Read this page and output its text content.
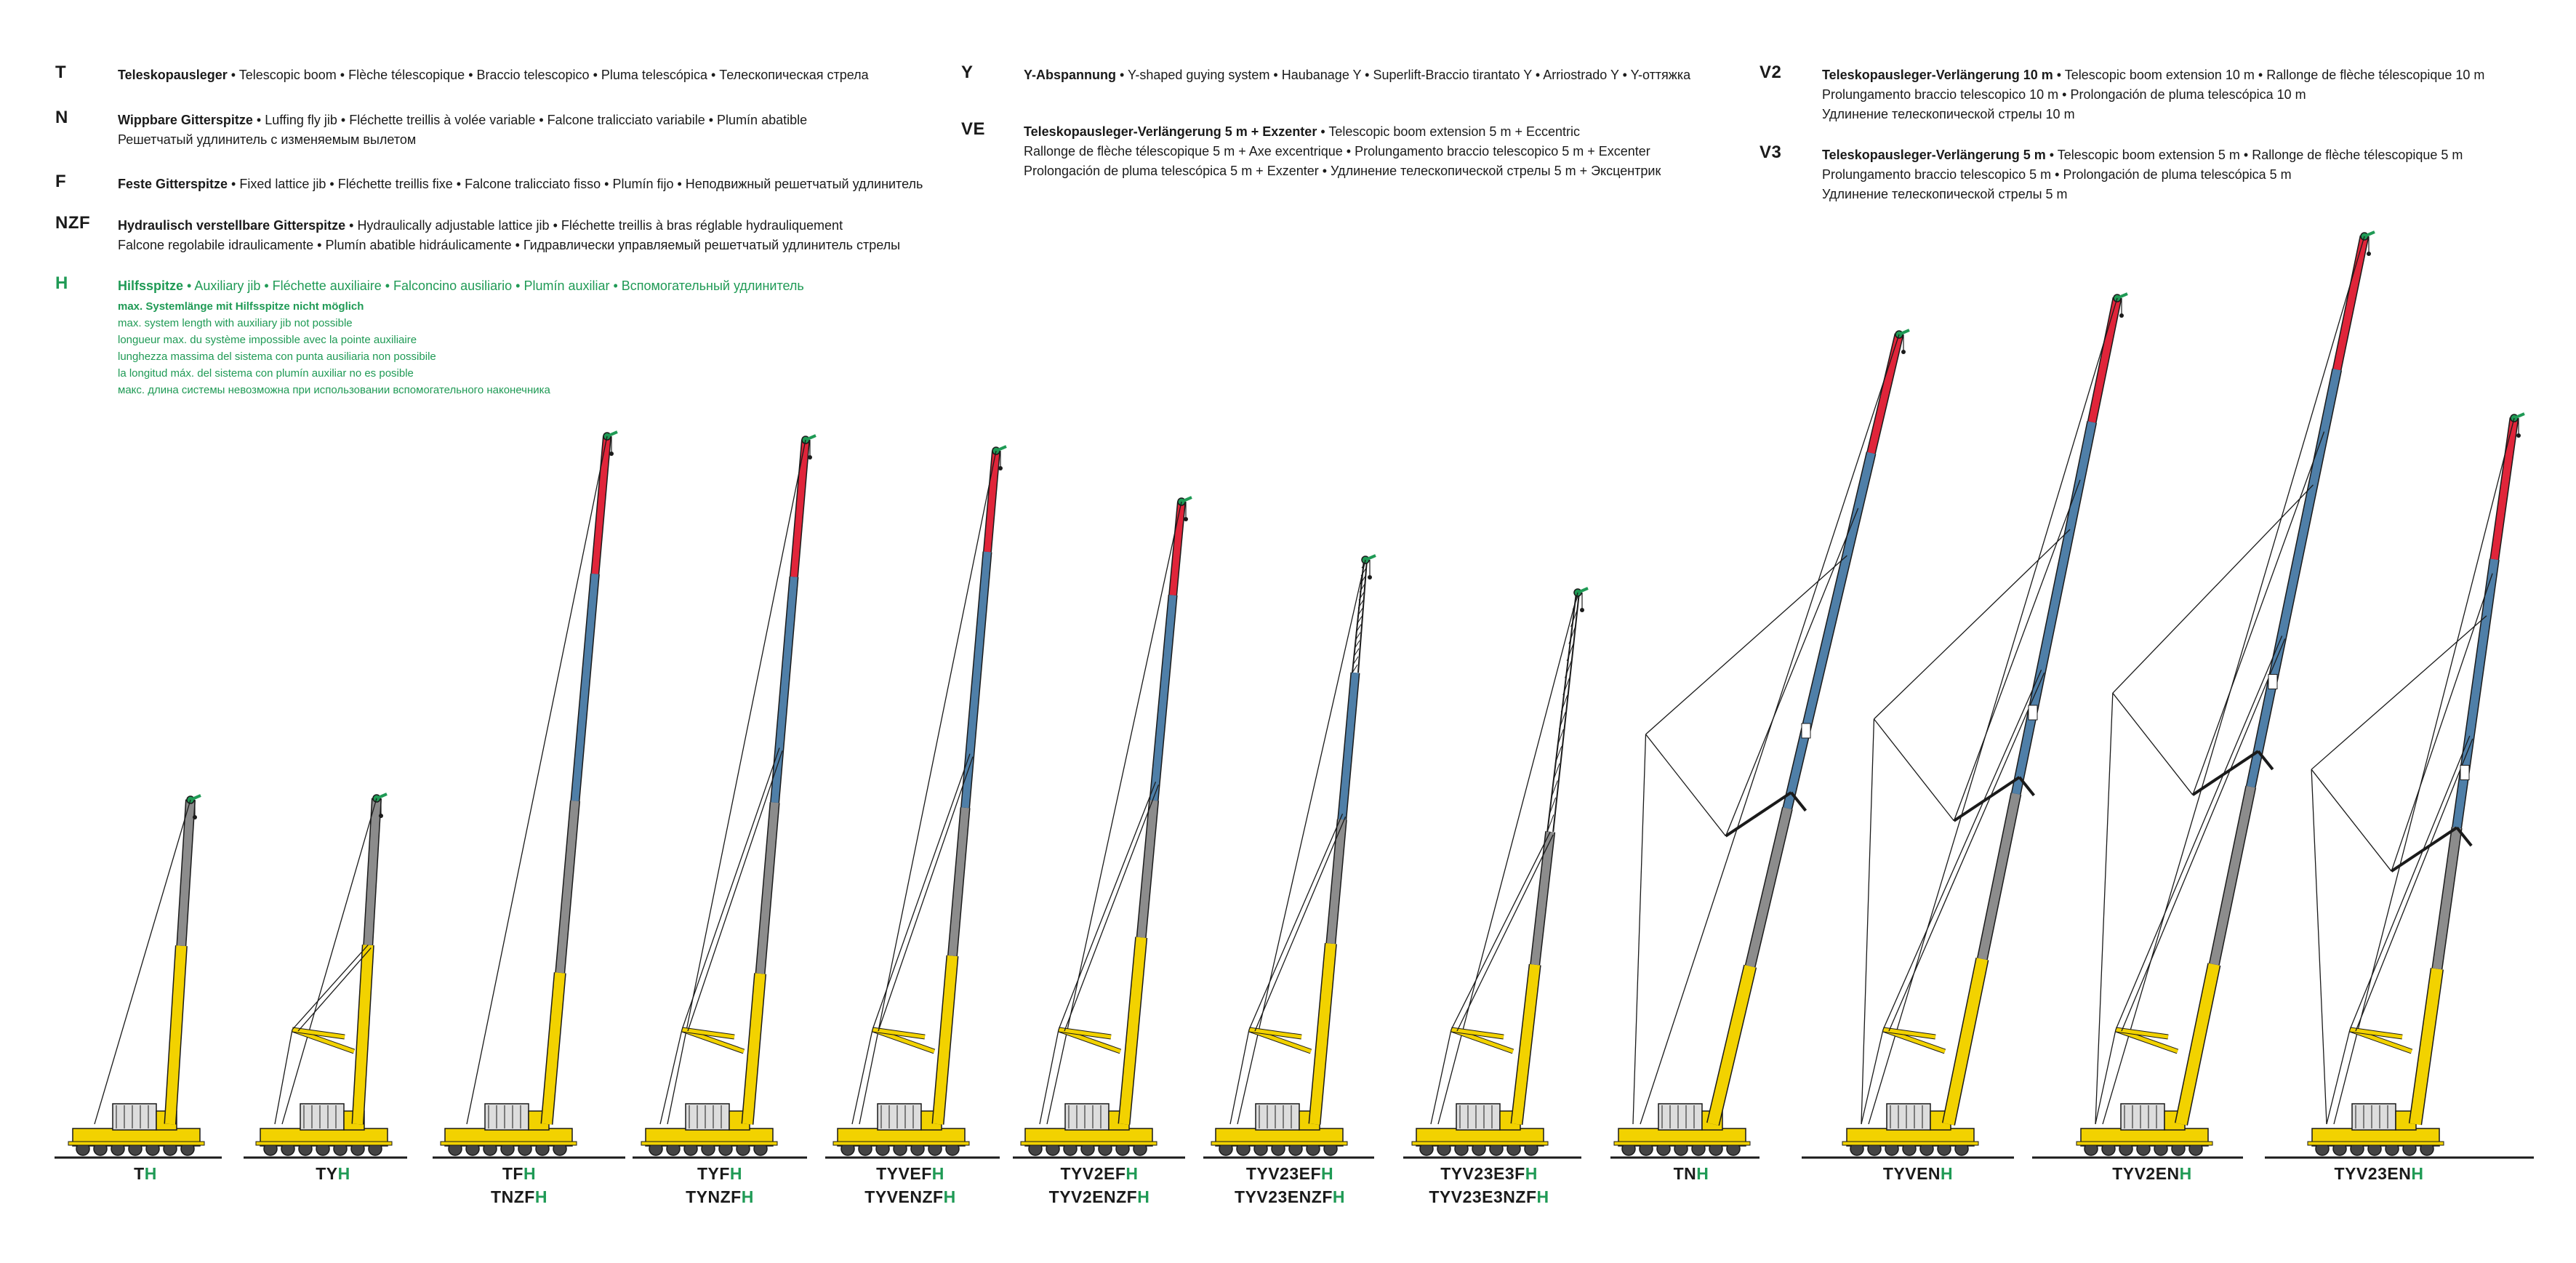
T	Teleskopausleger • Telescopic boom • Flèche télescopique • Braccio telescopico • Pluma telescópica • Телескопическая стрела
N	Wippbare Gitterspitze • Luffing fly jib • Fléchette treillis à volée variable • Falcone tralicciato variabile • Plumín abatible
Решетчатый удлинитель с изменяемым вылетом
F	Feste Gitterspitze • Fixed lattice jib • Fléchette treillis fixe • Falcone tralicciato fisso • Plumín fijo • Неподвижный решетчатый удлинитель
NZF Hydraulisch verstellbare Gitterspitze • Hydraulically adjustable lattice jib • Fléchette treillis à bras réglable hydrauliquement
Falcone regolabile idraulicamente • Plumín abatible hidráulicamente • Гидравлически управляемый решетчатый удлинитель стрелы
H	Hilfsspitze • Auxiliary jib • Fléchette auxiliaire • Falconcino ausiliario • Plumín auxiliar • Вспомогательный удлинитель
max. Systemlänge mit Hilfsspitze nicht möglich
max. system length with auxiliary jib not possible
longueur max. du système impossible avec la pointe auxiliaire
lunghezza massima del sistema con punta ausiliaria non possibile
la longitud máx. del sistema con plumín auxiliar no es posible
макс. длина системы невозможна при использовании вспомогательного наконечника
Y	Y-Abspannung • Y-shaped guying system • Haubanage Y • Superlift-Braccio tirantato Y • Arriostrado Y • Y-оттяжка
VE	Teleskopausleger-Verlängerung 5 m + Exzenter • Telescopic boom extension 5 m + Eccentric
Rallonge de flèche télescopique 5 m + Axe excentrique • Prolungamento braccio telescopico 5 m + Excenter
Prolongación de pluma telescópica 5 m + Exzenter • Удлинение телескопической стрелы 5 m + Эксцентрик
V2	Teleskopausleger-Verlängerung 10 m • Telescopic boom extension 10 m • Rallonge de flèche télescopique 10 m
Prolungamento braccio telescopico 10 m • Prolongación de pluma telescópica 10 m
Удлинение телескопической стрелы 10 m
V3	Teleskopausleger-Verlängerung 5 m • Telescopic boom extension 5 m • Rallonge de flèche télescopique 5 m
Prolungamento braccio telescopico 5 m • Prolongación de pluma telescópica 5 m
Удлинение телескопической стрелы 5 m
TH	TYH	TFH
TNZFH
TYFH
TYNZFH
TYVEFH
TYVENZFH
TYV2EFH
TYV2ENZFH
TYV23EFH
TYV23ENZFH
TYV23E3FH
TYV23E3NZFH
TNH	TYVENH	TYV2ENH	TYV23ENH
